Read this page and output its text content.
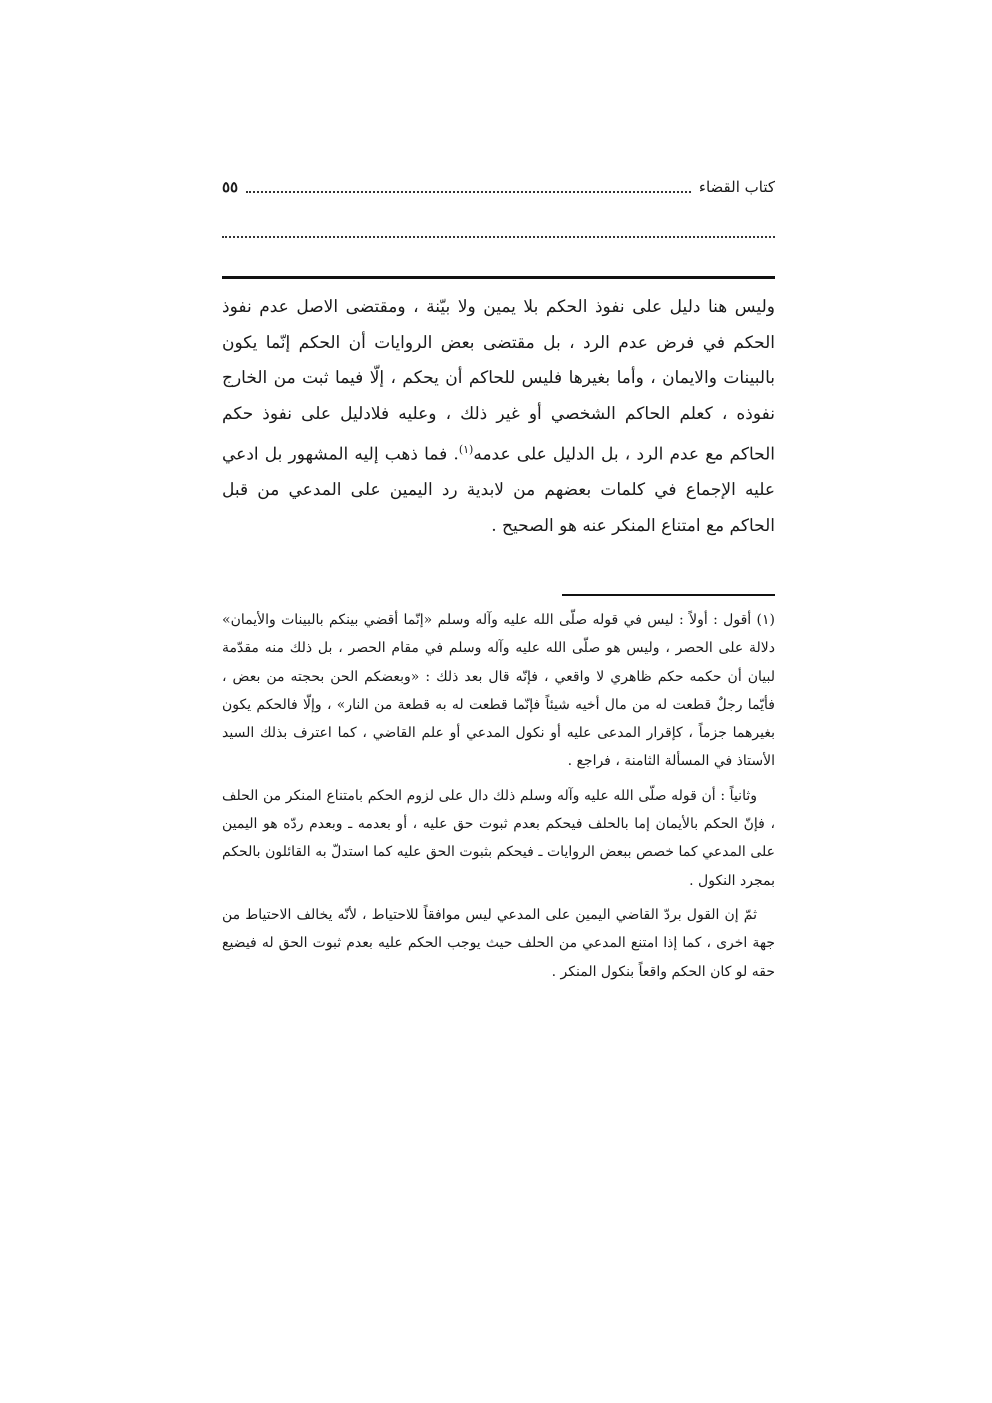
كتاب القضاء
٥٥

وليس هنا دليل على نفوذ الحكم بلا يمين ولا بيّنة ، ومقتضى الاصل عدم نفوذ الحكم في فرض عدم الرد ، بل مقتضى بعض الروايات أن الحكم إنّما يكون بالبينات والايمان ، وأما بغيرها فليس للحاكم أن يحكم ، إلّا فيما ثبت من الخارج نفوذه ، كعلم الحاكم الشخصي أو غير ذلك ، وعليه فلادليل على نفوذ حكم الحاكم مع عدم الرد ، بل الدليل على عدمه$^{(١)}$. فما ذهب إليه المشهور بل ادعي عليه الإجماع في كلمات بعضهم من لابدية رد اليمين على المدعي من قبل الحاكم مع امتناع المنكر عنه هو الصحيح .

(١) أقول : أولاً : ليس في قوله صلّى الله عليه وآله وسلم «إنّما أقضي بينكم بالبينات والأيمان» دلالة على الحصر ، وليس هو صلّى الله عليه وآله وسلم في مقام الحصر ، بل ذلك منه مقدّمة لبيان أن حكمه حكم ظاهري لا واقعي ، فإنّه قال بعد ذلك : «وبعضكم الحن بحجته من بعض ، فأيّما رجلٌ قطعت له من مال أخيه شيئاً فإنّما قطعت له به قطعة من النار» ، وإلّا فالحكم يكون بغيرهما جزماً ، كإقرار المدعى عليه أو نكول المدعي أو علم القاضي ، كما اعترف بذلك السيد الأستاذ في المسألة الثامنة ، فراجع .

وثانياً : أن قوله صلّى الله عليه وآله وسلم ذلك دال على لزوم الحكم بامتناع المنكر من الحلف ، فإنّ الحكم بالأيمان إما بالحلف فيحكم بعدم ثبوت حق عليه ، أو بعدمه ـ وبعدم ردّه هو اليمين على المدعي كما خصص ببعض الروايات ـ فيحكم بثبوت الحق عليه كما استدلّ به القائلون بالحكم بمجرد النكول .

ثمّ إن القول بردّ القاضي اليمين على المدعي ليس موافقاً للاحتياط ، لأنّه يخالف الاحتياط من جهة اخرى ، كما إذا امتنع المدعي من الحلف حيث يوجب الحكم عليه بعدم ثبوت الحق له فيضيع حقه لو كان الحكم واقعاً بنكول المنكر .
